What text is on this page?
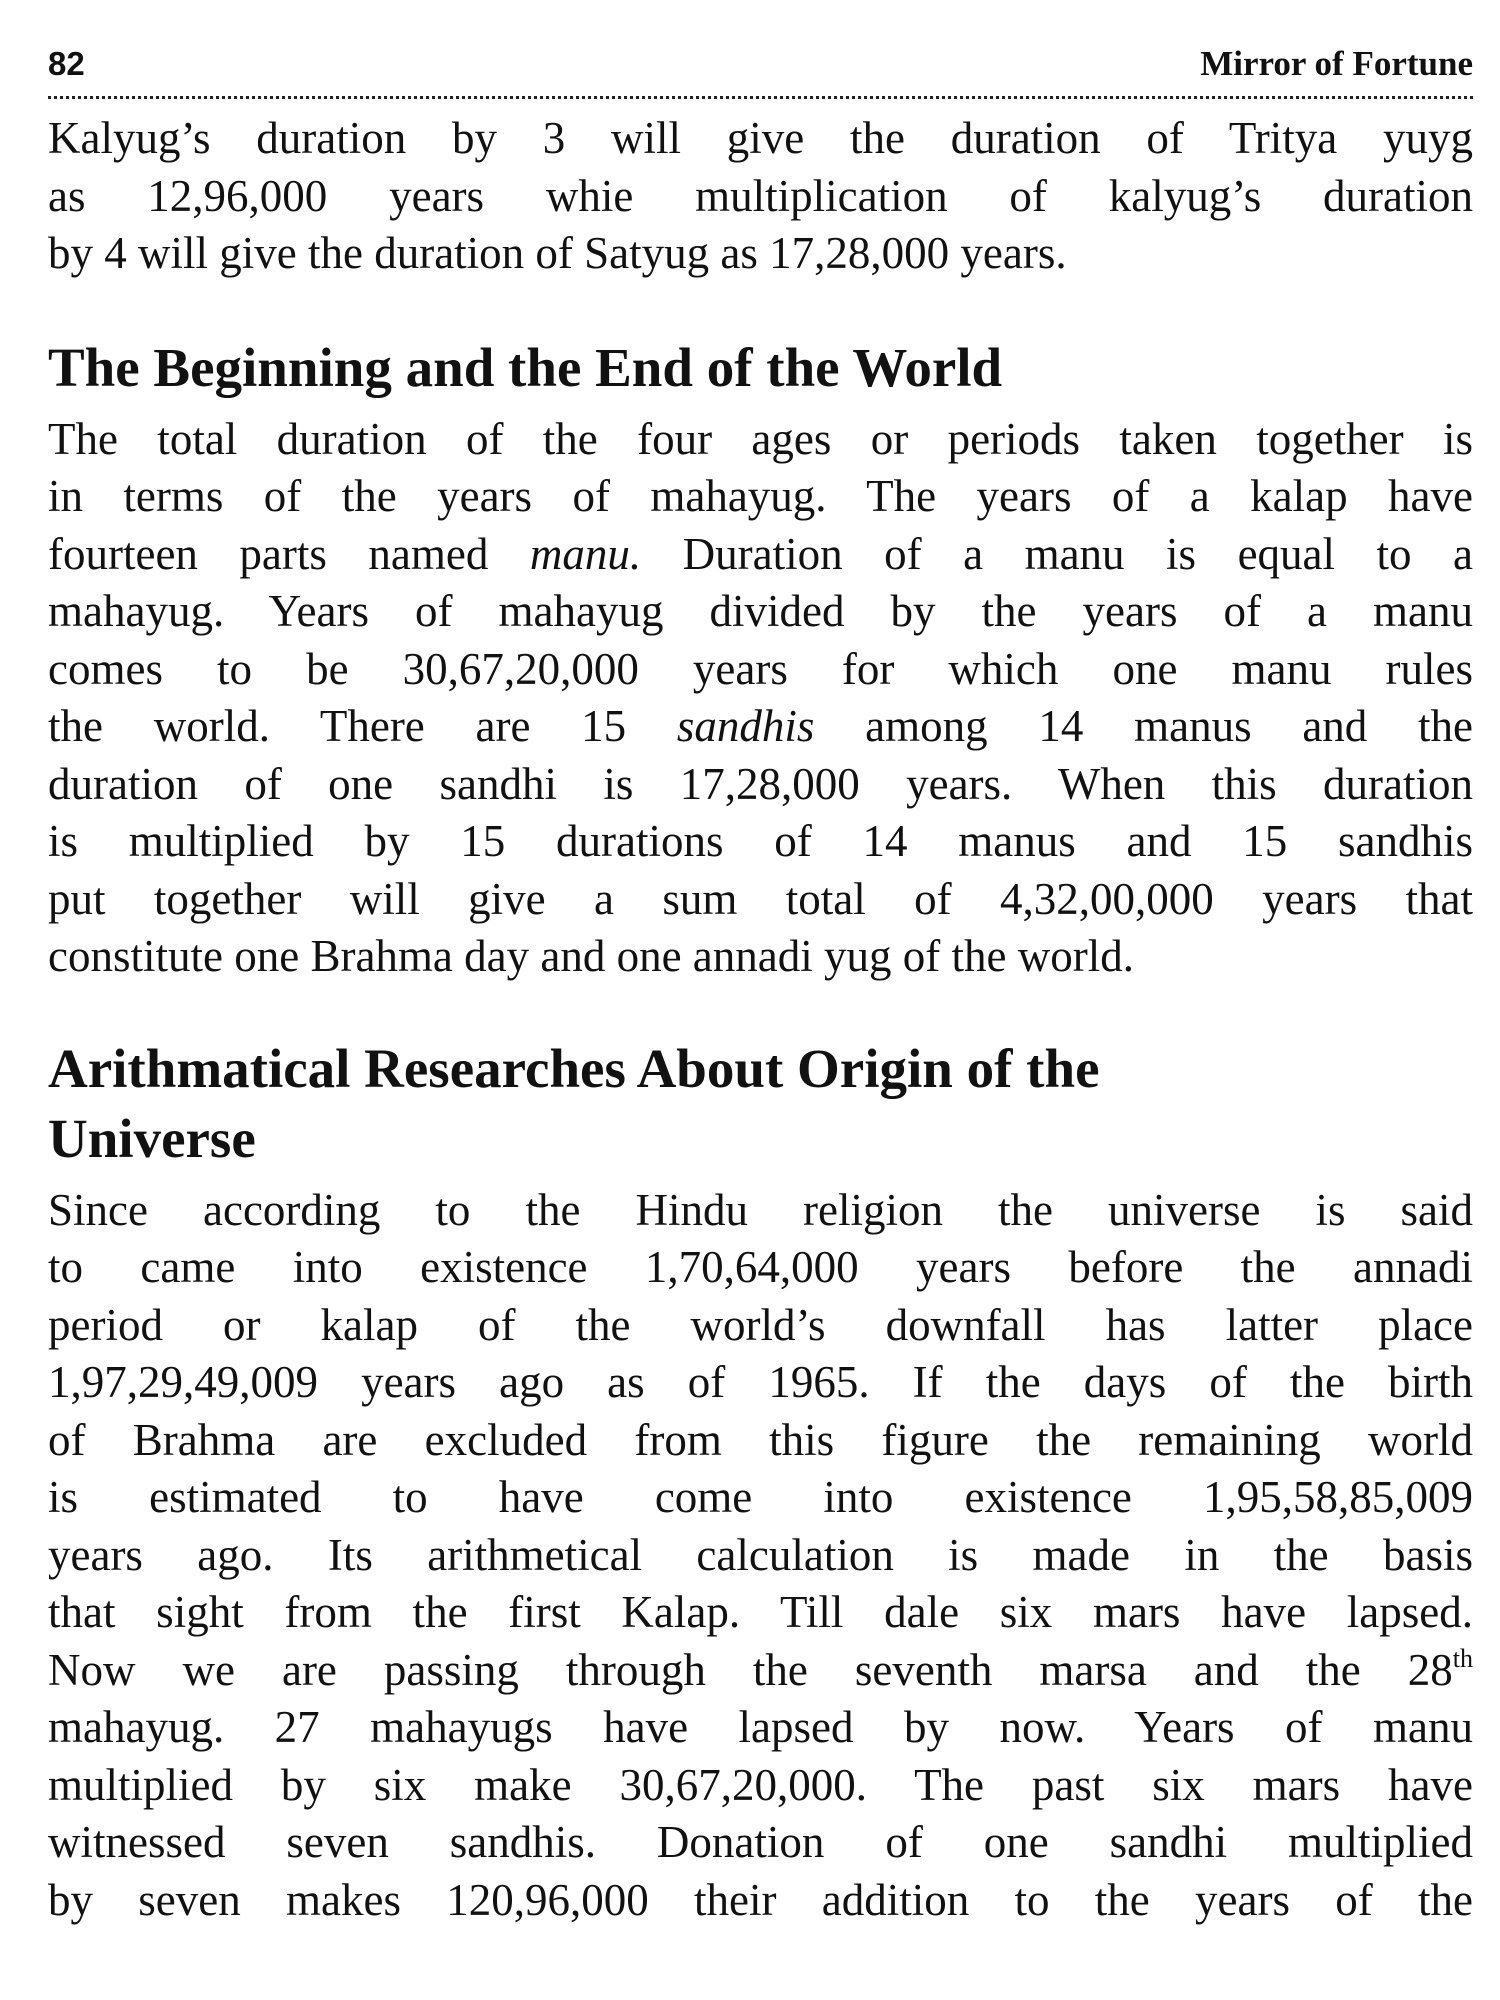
82	Mirror of Fortune
Kalyug’s duration by 3 will give the duration of Tritya yuyg
as 12,96,000 years whie multiplication of kalyug’s duration
by 4 will give the duration of Satyug as 17,28,000 years.
The Beginning and the End of the World
The total duration of the four ages or periods taken together is
in terms of the years of mahayug. The years of a kalap have
fourteen parts named manu. Duration of a manu is equal to a
mahayug. Years of mahayug divided by the years of a manu
comes to be 30,67,20,000 years for which one manu rules
the world. There are 15 sandhis among 14 manus and the
duration of one sandhi is 17,28,000 years. When this duration
is multiplied by 15 durations of 14 manus and 15 sandhis
put together will give a sum total of 4,32,00,000 years that
constitute one Brahma day and one annadi yug of the world.
Arithmatical Researches About Origin of the
Universe
Since according to the Hindu religion the universe is said
to came into existence 1,70,64,000 years before the annadi
period or kalap of the world’s downfall has latter place
1,97,29,49,009 years ago as of 1965. If the days of the birth
of Brahma are excluded from this figure the remaining world
is estimated to have come into existence 1,95,58,85,009
years ago. Its arithmetical calculation is made in the basis
that sight from the first Kalap. Till dale six mars have lapsed.
Now we are passing through the seventh marsa and the 28th
mahayug. 27 mahayugs have lapsed by now. Years of manu
multiplied by six make 30,67,20,000. The past six mars have
witnessed seven sandhis. Donation of one sandhi multiplied
by seven makes 120,96,000 their addition to the years of the
